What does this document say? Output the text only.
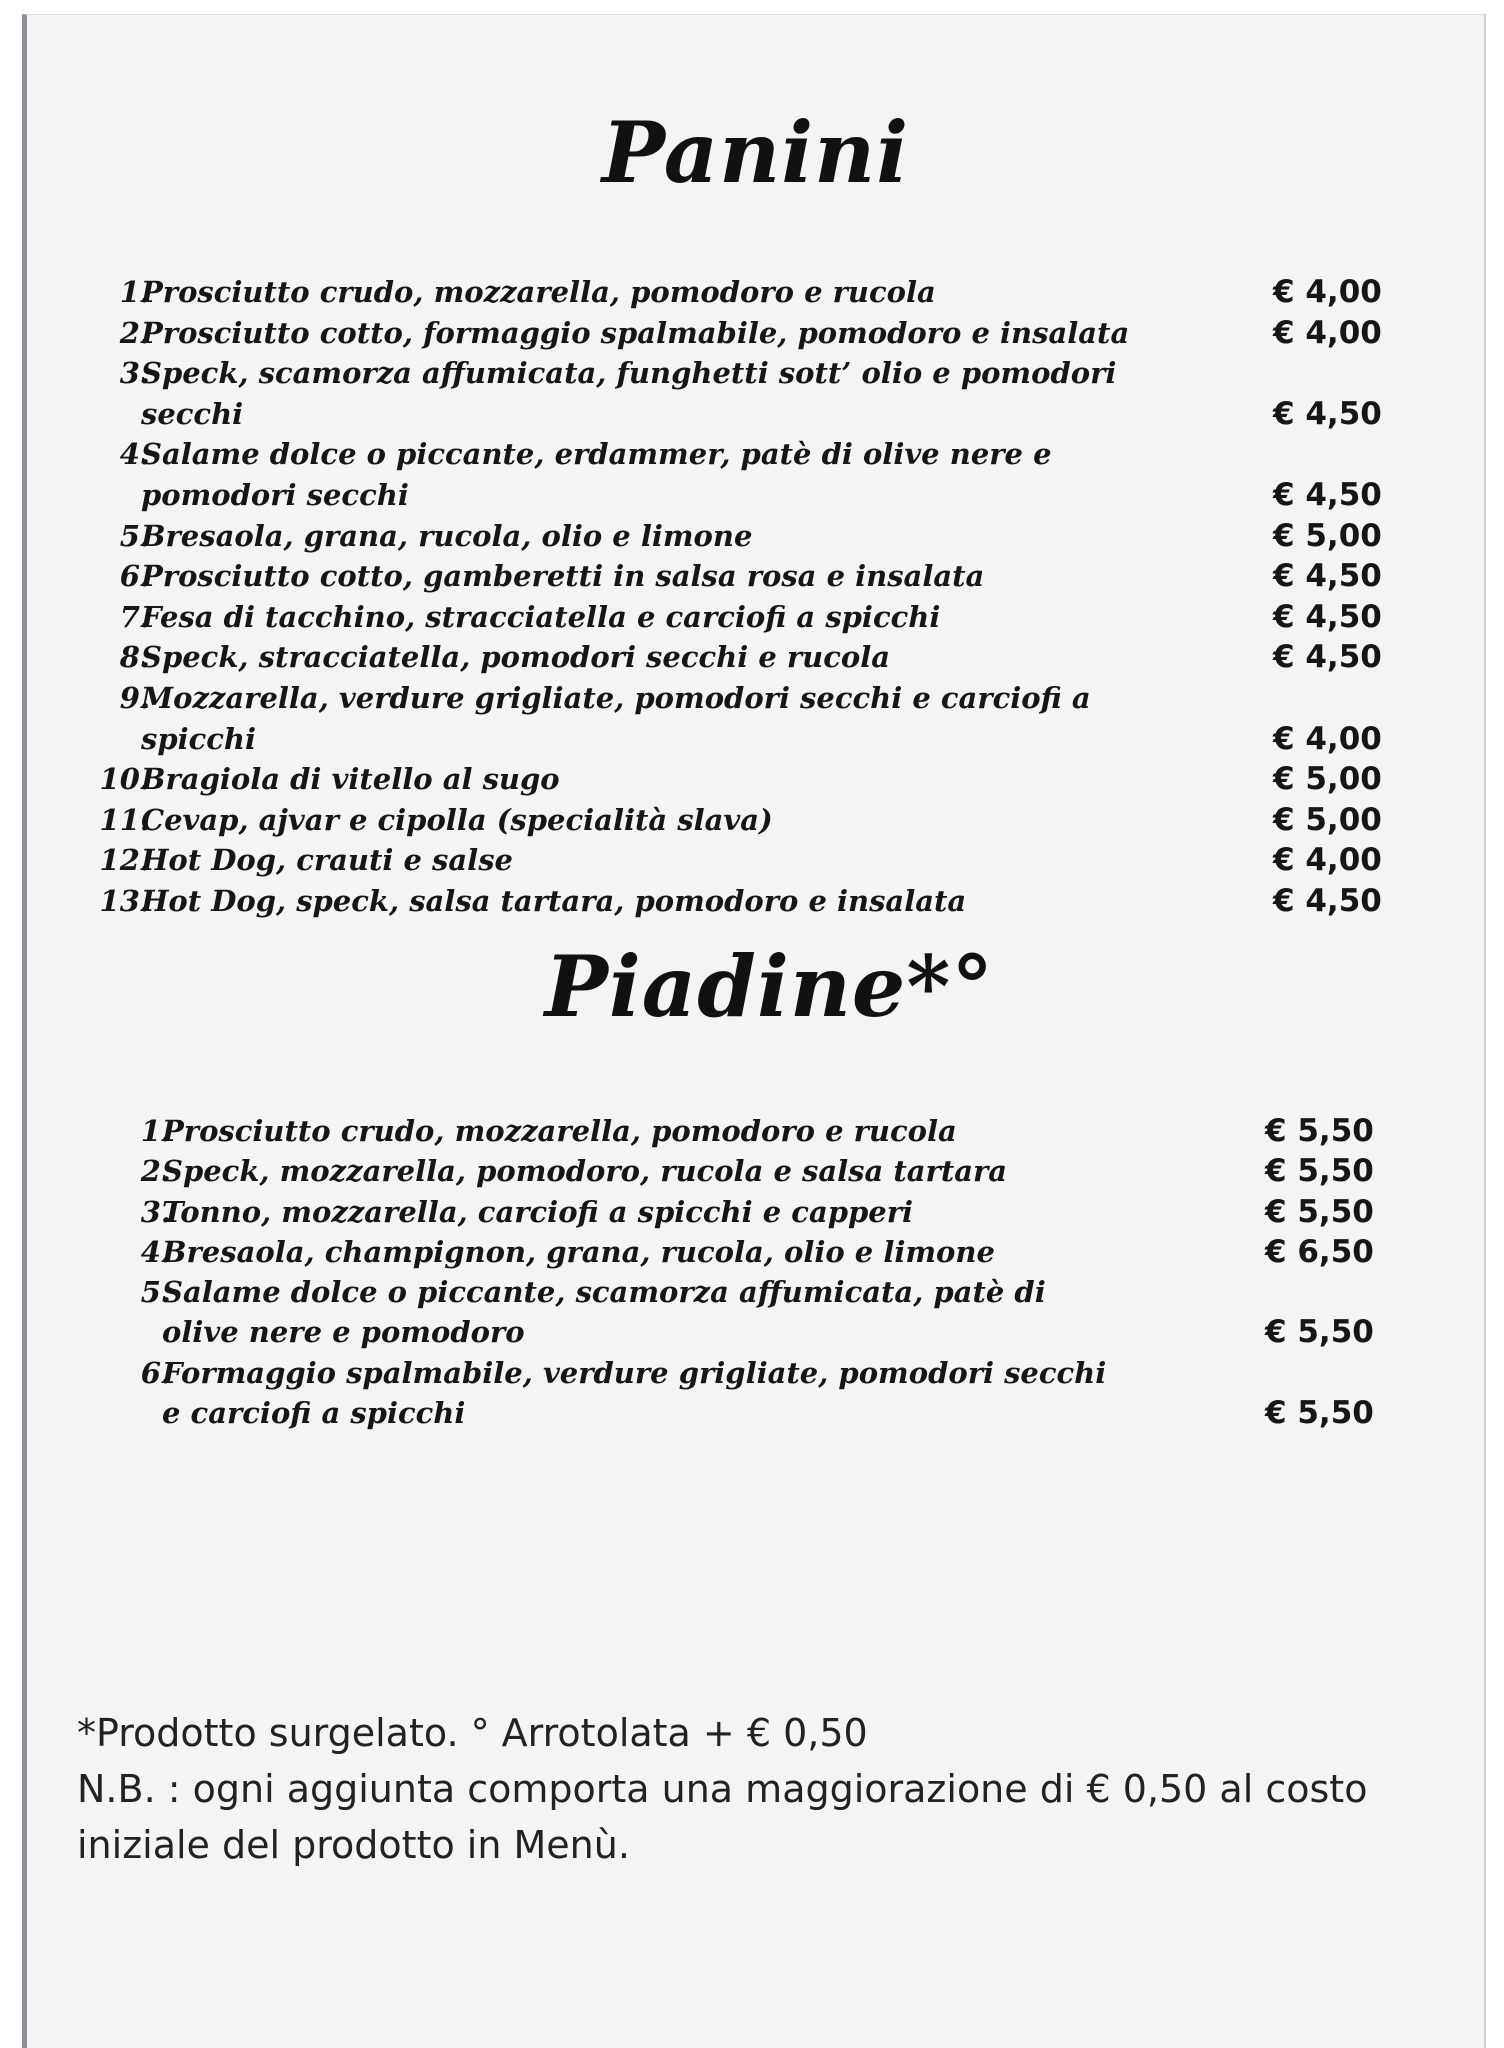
Panini
1.
Prosciutto crudo, mozzarella, pomodoro e rucola	€ 4,00
2.
Prosciutto cotto, formaggio spalmabile, pomodoro e insalata	€ 4,00
3.
Speck, scamorza affumicata, funghetti sott’ olio e pomodori
secchi	€ 4,50
4.
Salame dolce o piccante, erdammer, patè di olive nere e
pomodori secchi	€ 4,50
5.
Bresaola, grana, rucola, olio e limone	€ 5,00
6.
Prosciutto cotto, gamberetti in salsa rosa e insalata	€ 4,50
7.
Fesa di tacchino, stracciatella e carciofi a spicchi	€ 4,50
8.
Speck, stracciatella, pomodori secchi e rucola	€ 4,50
9.
Mozzarella, verdure grigliate, pomodori secchi e carciofi a
spicchi	€ 4,00
10.
Bragiola di vitello al sugo	€ 5,00
11.
Cevap, ajvar e cipolla (specialità slava)	€ 5,00
12.
Hot Dog, crauti e salse	€ 4,00
13.
Hot Dog, speck, salsa tartara, pomodoro e insalata	€ 4,50
Piadine*°
1.
Prosciutto crudo, mozzarella, pomodoro e rucola	€ 5,50
2.
Speck, mozzarella, pomodoro, rucola e salsa tartara	€ 5,50
3.
Tonno, mozzarella, carciofi a spicchi e capperi	€ 5,50
4.
Bresaola, champignon, grana, rucola, olio e limone	€ 6,50
5.
Salame dolce o piccante, scamorza affumicata, patè di
olive nere e pomodoro	€ 5,50
6.
Formaggio spalmabile, verdure grigliate, pomodori secchi
e carciofi a spicchi	€ 5,50
*Prodotto surgelato. ° Arrotolata + € 0,50
N.B. : ogni aggiunta comporta una maggiorazione di € 0,50 al costo
iniziale del prodotto in Menù.
